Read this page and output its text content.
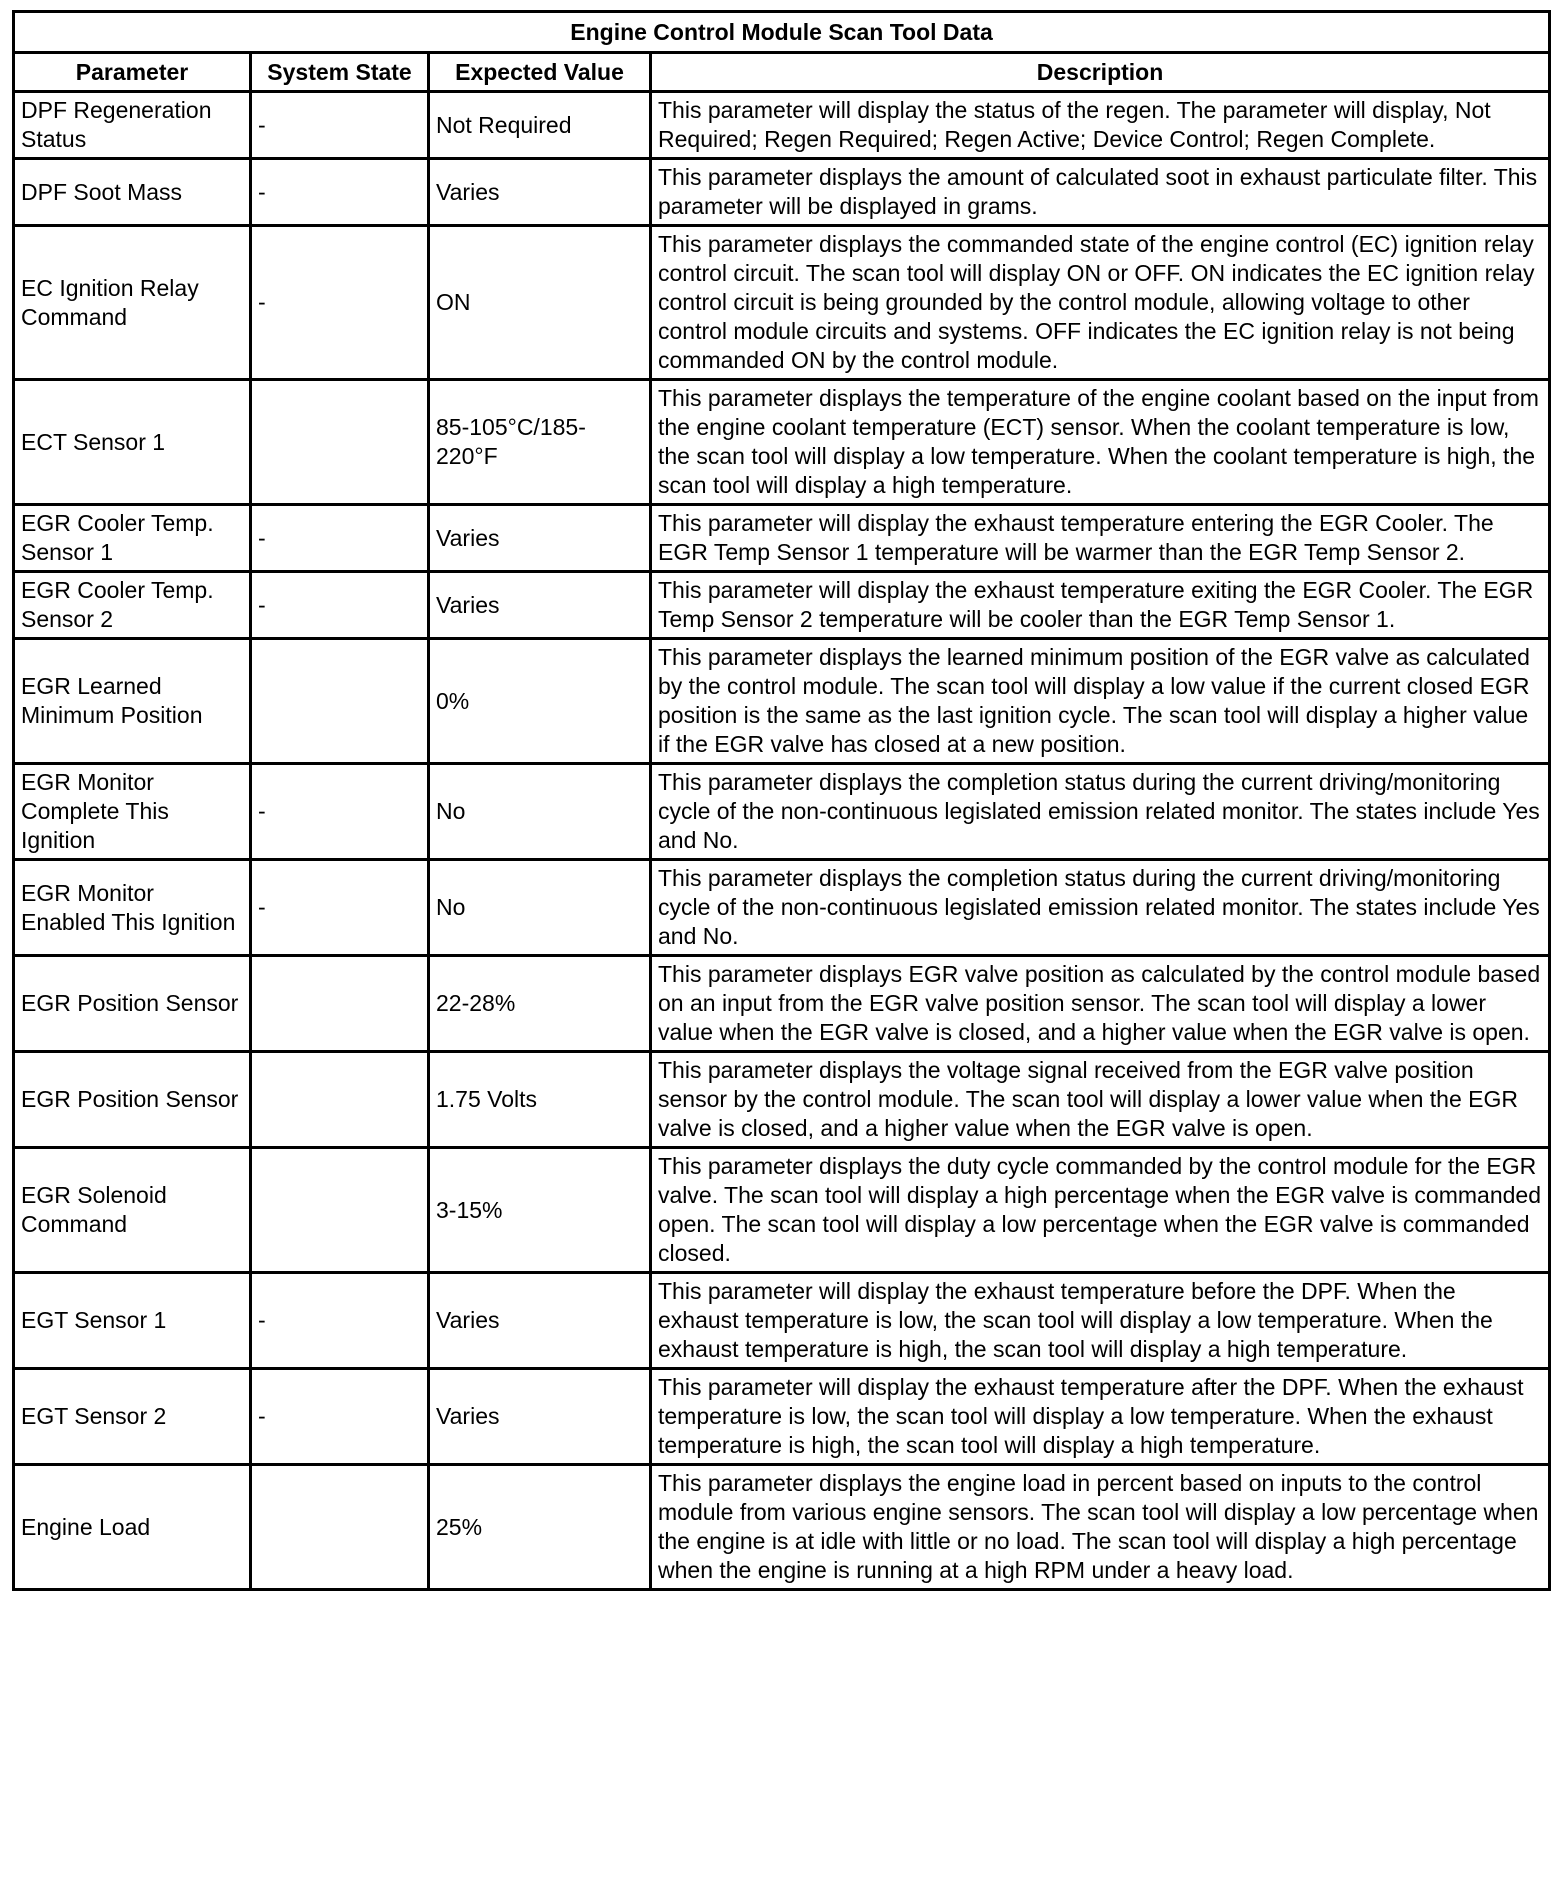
Engine Control Module Scan Tool Data			
Parameter	System State	Expected Value	Description
DPF Regeneration Status	-	Not Required	This parameter will display the status of the regen. The parameter will display, Not Required; Regen Required; Regen Active; Device Control; Regen Complete.
DPF Soot Mass	-	Varies	This parameter displays the amount of calculated soot in exhaust particulate filter. This parameter will be displayed in grams.
EC Ignition Relay Command	-	ON	This parameter displays the commanded state of the engine control (EC) ignition relay control circuit. The scan tool will display ON or OFF. ON indicates the EC ignition relay control circuit is being grounded by the control module, allowing voltage to other control module circuits and systems. OFF indicates the EC ignition relay is not being commanded ON by the control module.
ECT Sensor 1		85-105°C/185-220°F	This parameter displays the temperature of the engine coolant based on the input from the engine coolant temperature (ECT) sensor. When the coolant temperature is low, the scan tool will display a low temperature. When the coolant temperature is high, the scan tool will display a high temperature.
EGR Cooler Temp. Sensor 1	-	Varies	This parameter will display the exhaust temperature entering the EGR Cooler. The EGR Temp Sensor 1 temperature will be warmer than the EGR Temp Sensor 2.
EGR Cooler Temp. Sensor 2	-	Varies	This parameter will display the exhaust temperature exiting the EGR Cooler. The EGR Temp Sensor 2 temperature will be cooler than the EGR Temp Sensor 1.
EGR Learned Minimum Position		0%	This parameter displays the learned minimum position of the EGR valve as calculated by the control module. The scan tool will display a low value if the current closed EGR position is the same as the last ignition cycle. The scan tool will display a higher value if the EGR valve has closed at a new position.
EGR Monitor Complete This Ignition	-	No	This parameter displays the completion status during the current driving/monitoring cycle of the non-continuous legislated emission related monitor. The states include Yes and No.
EGR Monitor Enabled This Ignition	-	No	This parameter displays the completion status during the current driving/monitoring cycle of the non-continuous legislated emission related monitor. The states include Yes and No.
EGR Position Sensor		22-28%	This parameter displays EGR valve position as calculated by the control module based on an input from the EGR valve position sensor. The scan tool will display a lower value when the EGR valve is closed, and a higher value when the EGR valve is open.
EGR Position Sensor		1.75 Volts	This parameter displays the voltage signal received from the EGR valve position sensor by the control module. The scan tool will display a lower value when the EGR valve is closed, and a higher value when the EGR valve is open.
EGR Solenoid Command		3-15%	This parameter displays the duty cycle commanded by the control module for the EGR valve. The scan tool will display a high percentage when the EGR valve is commanded open. The scan tool will display a low percentage when the EGR valve is commanded closed.
EGT Sensor 1	-	Varies	This parameter will display the exhaust temperature before the DPF. When the exhaust temperature is low, the scan tool will display a low temperature. When the exhaust temperature is high, the scan tool will display a high temperature.
EGT Sensor 2	-	Varies	This parameter will display the exhaust temperature after the DPF. When the exhaust temperature is low, the scan tool will display a low temperature. When the exhaust temperature is high, the scan tool will display a high temperature.
Engine Load		25%	This parameter displays the engine load in percent based on inputs to the control module from various engine sensors. The scan tool will display a low percentage when the engine is at idle with little or no load. The scan tool will display a high percentage when the engine is running at a high RPM under a heavy load.
